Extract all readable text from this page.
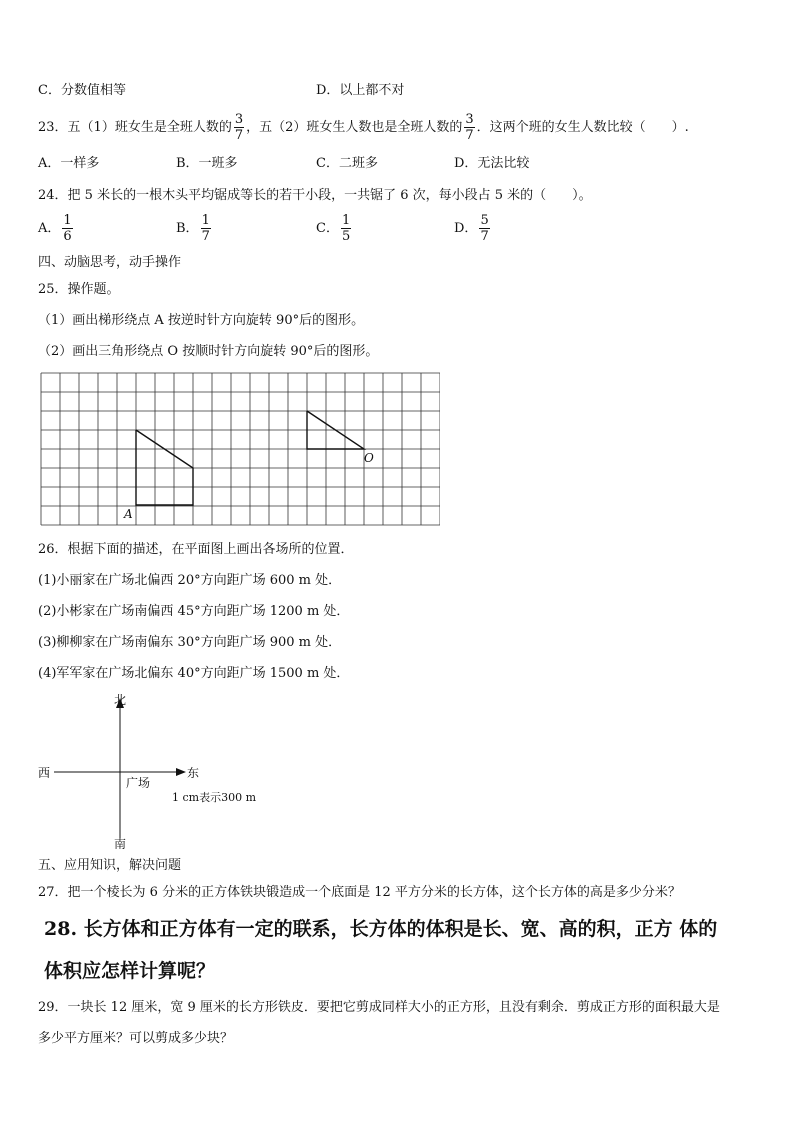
C．分数值相等	D．以上都不对
23．五（1）班女生是全班人数的 $\frac{3}{7}$ ，五（2）班女生人数也是全班人数的 $\frac{3}{7}$ ．这两个班的女生人数比较（　　）.
A．一样多	B．一班多	C．二班多	D．无法比较
24．把 5 米长的一根木头平均锯成等长的若干小段，一共锯了 6 次，每小段占 5 米的（　　）。
A． $\frac{1}{6}$	B． $\frac{1}{7}$	C． $\frac{1}{5}$	D． $\frac{5}{7}$
四、动脑思考，动手操作
25．操作题。
（1）画出梯形绕点 A 按逆时针方向旋转 90°后的图形。
（2）画出三角形绕点 O 按顺时针方向旋转 90°后的图形。
A
O
26．根据下面的描述，在平面图上画出各场所的位置．
(1)小丽家在广场北偏西 20°方向距广场 600 m 处．
(2)小彬家在广场南偏西 45°方向距广场 1200 m 处．
(3)柳柳家在广场南偏东 30°方向距广场 900 m 处．
(4)军军家在广场北偏东 40°方向距广场 1500 m 处．
北
南
西	东
广场
1 cm表示300 m
五、应用知识，解决问题
27．把一个棱长为 6 分米的正方体铁块锻造成一个底面是 12 平方分米的长方体，这个长方体的高是多少分米？
28. 长方体和正方体有一定的联系，长方体的体积是长、宽、高的积，正方 体的
体积应怎样计算呢？
29．一块长 12 厘米，宽 9 厘米的长方形铁皮．要把它剪成同样大小的正方形，且没有剩余．剪成正方形的面积最大是
多少平方厘米？可以剪成多少块？
